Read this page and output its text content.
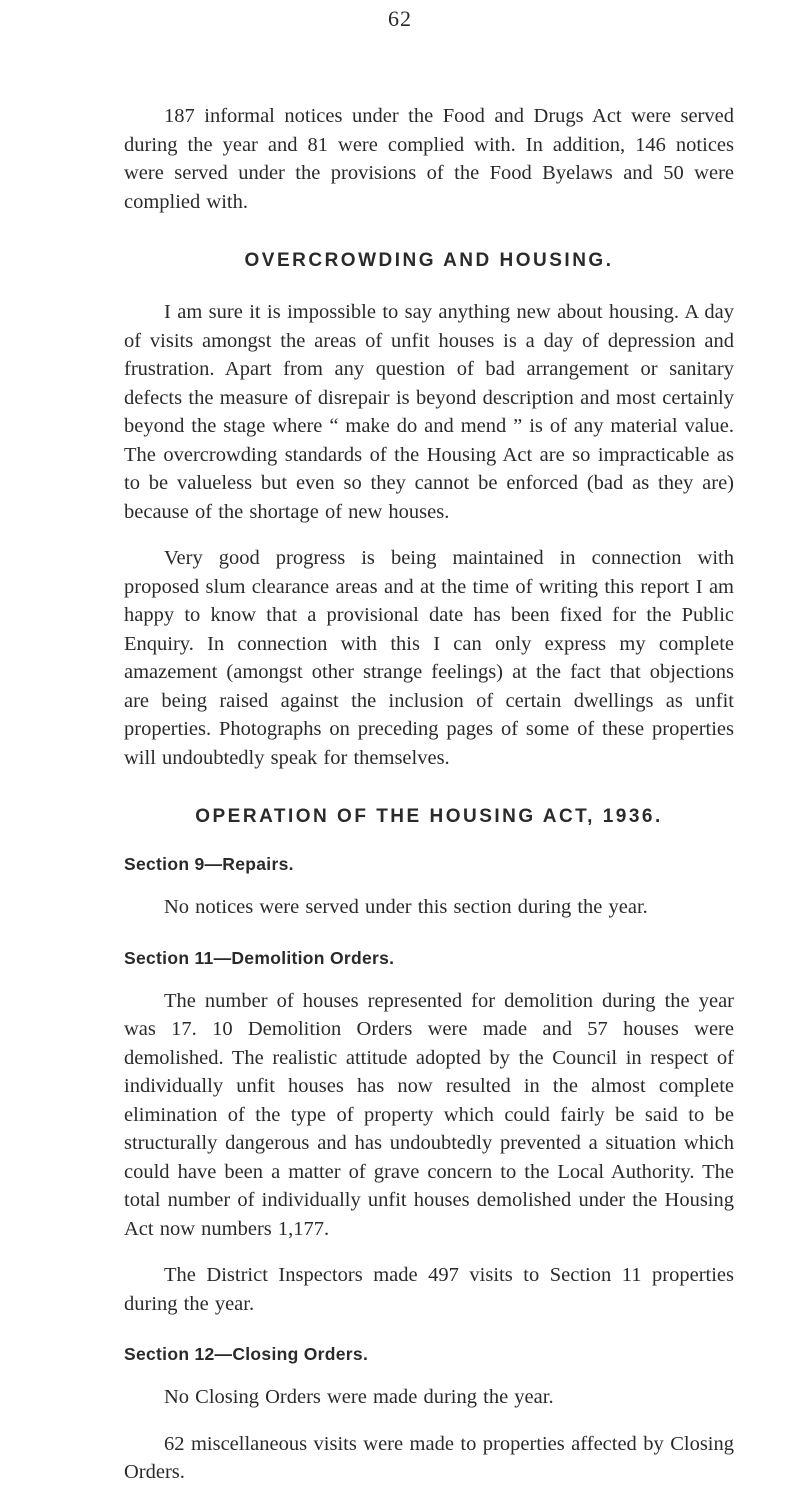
62

187 informal notices under the Food and Drugs Act were served during the year and 81 were complied with. In addition, 146 notices were served under the provisions of the Food Byelaws and 50 were complied with.

OVERCROWDING AND HOUSING.

I am sure it is impossible to say anything new about housing. A day of visits amongst the areas of unfit houses is a day of depression and frustration. Apart from any question of bad arrangement or sanitary defects the measure of disrepair is beyond description and most certainly beyond the stage where “ make do and mend ” is of any material value. The overcrowding standards of the Housing Act are so impracticable as to be valueless but even so they cannot be enforced (bad as they are) because of the shortage of new houses.

Very good progress is being maintained in connection with proposed slum clearance areas and at the time of writing this report I am happy to know that a provisional date has been fixed for the Public Enquiry. In connection with this I can only express my complete amazement (amongst other strange feelings) at the fact that objections are being raised against the inclusion of certain dwellings as unfit properties. Photographs on preceding pages of some of these properties will undoubtedly speak for themselves.

OPERATION OF THE HOUSING ACT, 1936.
Section 9—Repairs.

No notices were served under this section during the year.

Section 11—Demolition Orders.

The number of houses represented for demolition during the year was 17. 10 Demolition Orders were made and 57 houses were demolished. The realistic attitude adopted by the Council in respect of individually unfit houses has now resulted in the almost complete elimination of the type of property which could fairly be said to be structurally dangerous and has undoubtedly prevented a situation which could have been a matter of grave concern to the Local Authority. The total number of individually unfit houses demolished under the Housing Act now numbers 1,177.

The District Inspectors made 497 visits to Section 11 properties during the year.

Section 12—Closing Orders.

No Closing Orders were made during the year.

62 miscellaneous visits were made to properties affected by Closing Orders.
